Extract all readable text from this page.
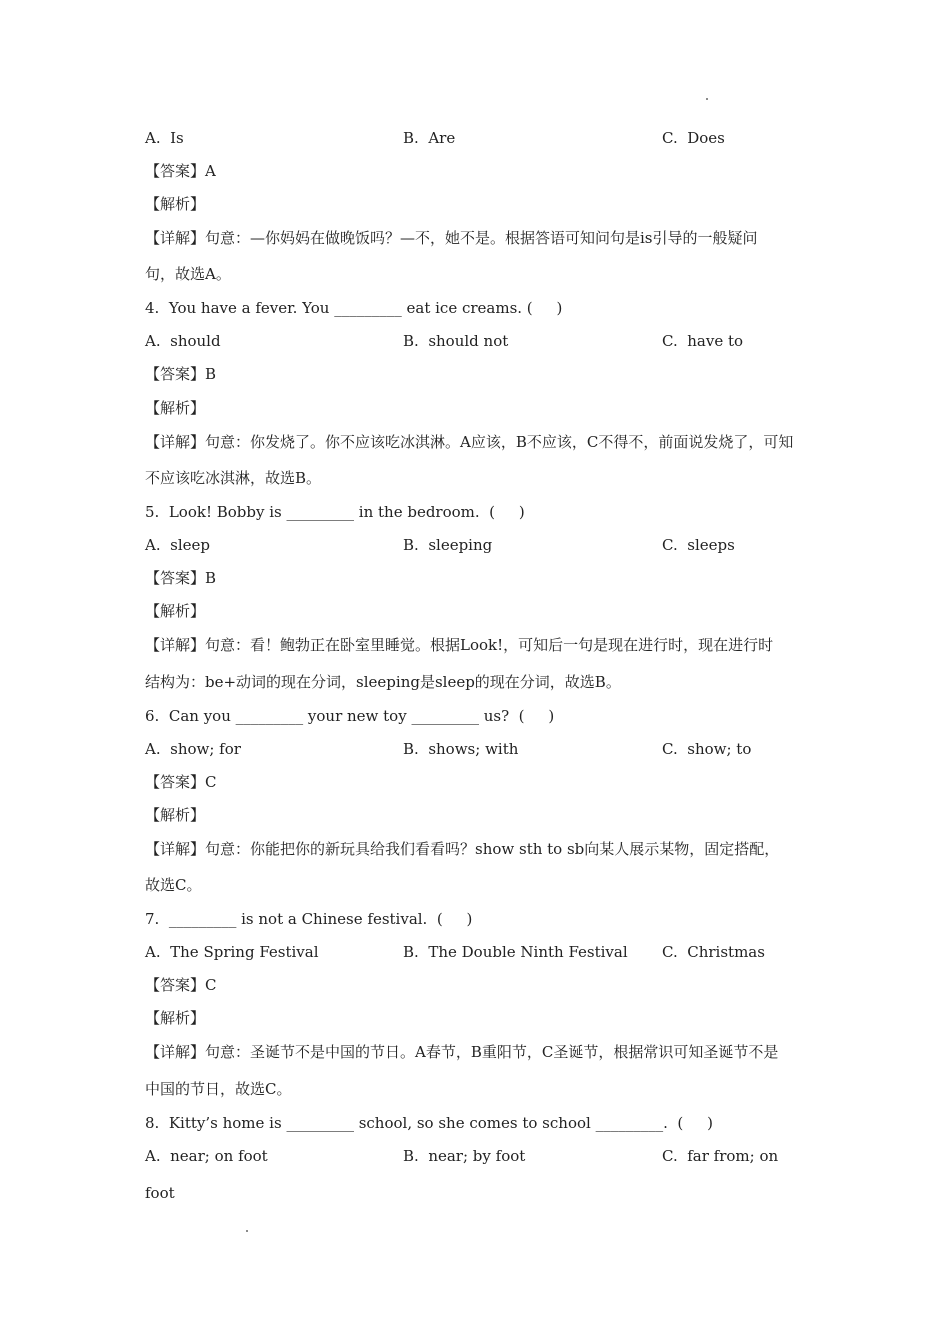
A.  Is	B.  Are	C.  Does
【答案】A
【解析】
【详解】句意：—你妈妈在做晚饭吗？—不，她不是。根据答语可知问句是is引导的一般疑问
句，故选A。
4.  You have a fever. You _________ eat ice creams. (     )
A.  should	B.  should not	C.  have to
【答案】B
【解析】
【详解】句意：你发烧了。你不应该吃冰淇淋。A应该，B不应该，C不得不，前面说发烧了，可知
不应该吃冰淇淋，故选B。
5.  Look! Bobby is _________ in the bedroom.  (     )
A.  sleep	B.  sleeping	C.  sleeps
【答案】B
【解析】
【详解】句意：看！鲍勃正在卧室里睡觉。根据Look!，可知后一句是现在进行时，现在进行时
结构为：be+动词的现在分词，sleeping是sleep的现在分词，故选B。
6.  Can you _________ your new toy _________ us?  (     )
A.  show; for	B.  shows; with	C.  show; to
【答案】C
【解析】
【详解】句意：你能把你的新玩具给我们看看吗？show sth to sb向某人展示某物，固定搭配，
故选C。
7.  _________ is not a Chinese festival.  (     )
A.  The Spring Festival	B.  The Double Ninth Festival C.  Christmas
【答案】C
【解析】
【详解】句意：圣诞节不是中国的节日。A春节，B重阳节，C圣诞节，根据常识可知圣诞节不是
中国的节日，故选C。
8.  Kitty’s home is _________ school, so she comes to school _________.  (     )
A.  near; on foot	B.  near; by foot	C.  far from; on
foot
